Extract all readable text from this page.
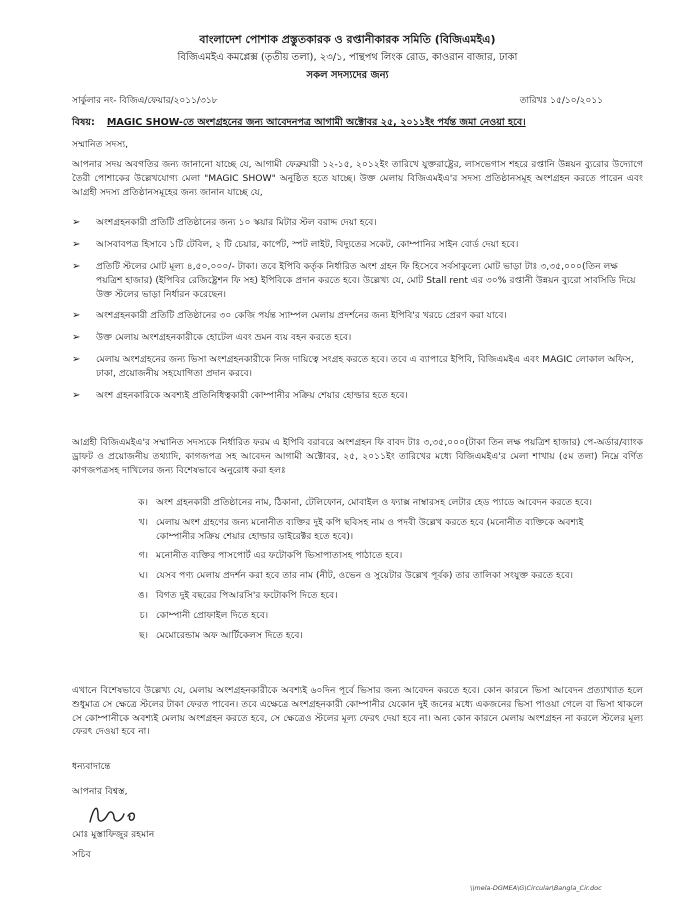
বাংলাদেশ পোশাক প্রস্তুতকারক ও রপ্তানীকারক সমিতি (বিজিএমইএ)
বিজিএমইএ কমপ্লেক্স (তৃতীয় তলা), ২৩/১, পান্থপথ লিংক রোড, কাওরান বাজার, ঢাকা
সকল সদস্যদের জন্য
সার্কুলার নং- বিজিএ/ফেয়ার/২০১১/৩১৮	তারিখঃ ১৫/১০/২০১১
বিষয়: MAGIC SHOW-তে অংশগ্রহনের জন্য আবেদনপত্র আগামী অক্টোবর ২৫, ২০১১ইং পর্যন্ত জমা নেওয়া হবে।
সম্মানিত সদস্য,
আপনার সদয় অবগতির জন্য জানানো যাচ্ছে যে, আগামী ফেব্রুয়ারী ১২-১৫, ২০১২ইং তারিখে যুক্তরাষ্ট্রের, লাসভেগাস শহরে রপ্তানি উন্নয়ন ব্যুরোর উদ্যোগে তৈরী পোশাকের উল্লেখযোগ্য মেলা "MAGIC SHOW" অনুষ্ঠিত হতে যাচ্ছে। উক্ত মেলায় বিজিএমইএ'র সদস্য প্রতিষ্ঠানসমূহ অংশগ্রহন করতে পারেন এবং আগ্রহী সদস্য প্রতিষ্ঠানসমূহের জন্য জানান যাচ্ছে যে,
➢	অংশগ্রহনকারী প্রতিটি প্রতিষ্ঠানের জন্য ১০ স্কয়ার মিটার স্টল বরাদ্দ দেয়া হবে।
➢	আসবাবপত্র হিসাবে ১টি টেবিল, ২ টি চেয়ার, কার্পেট, স্পট লাইট, বিদ্যুতের সকেট, কোম্পানির সাইন বোর্ড দেয়া হবে।
➢	প্রতিটি স্টলের মোট মূল্য ৪,৫০,০০০/- টাকা। তবে ইপিবি কর্তৃক নির্ধারিত অংশ গ্রহন ফি হিসেবে সর্বসাকুল্যে মোট ভাড়া টাঃ ৩,৩৫,০০০(তিন লক্ষ পয়ত্রিশ হাজার) (ইপিবির রেজিষ্ট্রেশন ফি সহ) ইপিবিকে প্রদান করতে হবে। উল্লেখ্য যে, মোট Stall rent এর ৩০% রপ্তানী উন্নয়ন ব্যুরো সাবসিডি দিয়ে উক্ত স্টলের ভাড়া নির্ধারন করেছেন।
➢	অংশগ্রহনকারী প্রতিটি প্রতিষ্ঠানের ৩০ কেজি পর্যন্ত স্যাম্পল মেলায় প্রদর্শনের জন্য ইপিবি'র খরচে প্রেরণ করা যাবে।
➢	উক্ত মেলায় অংশগ্রহনকারীকে হোটেল এবং ভ্রমন ব্যয় বহন করতে হবে।
➢	মেলায় অংশগ্রহনের জন্য ভিসা অংশগ্রহনকারীকে নিজ দায়িত্বে সংগ্রহ করতে হবে। তবে এ ব্যাপারে ইপিবি, বিজিএমইএ এবং MAGIC লোকাল অফিস, ঢাকা, প্রয়োজনীয় সহযোগিতা প্রদান করবে।
➢	অংশ গ্রহনকারিকে অবশ্যই প্রতিনিধিত্বকারী কোম্পানীর সক্রিয় শেয়ার হোল্ডার হতে হবে।
আগ্রহী বিজিএমইএ'র সম্মানিত সদস্যকে নির্ধারিত ফরম এ ইপিবি বরাবরে অংশগ্রহন ফি বাবদ টাঃ ৩,৩৫,০০০(টাকা তিন লক্ষ পয়ত্রিশ হাজার) পে-অর্ডার/ব্যাংক ড্রাফট ও প্রয়োজনীয় তথ্যাদি, কাগজপত্র সহ আবেদন আগামী অক্টোবর, ২৫, ২০১১ইং তারিখের মধ্যে বিজিএমইএ'র মেলা শাখায় (৫ম তলা) নিম্নে বর্ণিত কাগজপত্রসহ দাখিলের জন্য বিশেষভাবে অনুরোধ করা হলঃ
ক। অংশ গ্রহনকারী প্রতিষ্ঠানের নাম, ঠিকানা, টেলিফোন, মোবাইল ও ফ্যাক্স নাম্বারসহ লেটার হেড প্যাডে আবেদন করতে হবে।
খ। মেলায় অংশ গ্রহণের জন্য মনোনীত ব্যক্তির দুই কপি ছবিসহ নাম ও পদবী উল্লেখ করতে হবে (মনোনীত ব্যক্তিকে অবশ্যই কোম্পানীর সক্রিয় শেয়ার হোল্ডার ডাইরেক্টর হতে হবে)।
গ। মনোনীত ব্যক্তির পাসপোর্ট এর ফটোকপি ভিসাপাতাসহ পাঠাতে হবে।
ঘ। যেসব পণ্য মেলায় প্রদর্শন করা হবে তার নাম (নীট, ওভেন ও সুয়েটার উল্লেখ পূর্বক) তার তালিকা সংযুক্ত করতে হবে।
ঙ। বিগত দুই বছরের পিআরসি'র ফটোকপি দিতে হবে।
চ। কোম্পানী প্রোফাইল দিতে হবে।
ছ। মেমোরেন্ডাম অফ আর্টিকেলস দিতে হবে।
এখানে বিশেষভাবে উল্লেখ্য যে, মেলায় অংশগ্রহনকারীকে অবশ্যই ৬০দিন পূর্বে ভিসার জন্য আবেদন করতে হবে। কোন কারনে ভিসা আবেদন প্রত্যাখ্যাত হলে শুধুমাত্র সে ক্ষেত্রে স্টলের টাকা ফেরত পাবেন। তবে এক্ষেত্রে অংশগ্রহনকারী কোম্পানীর যেকোন দুই জনের মধ্যে একজনের ভিসা পাওয়া গেলে বা ভিসা থাকলে সে কোম্পানীকে অবশ্যই মেলায় অংশগ্রহন করতে হবে, সে ক্ষেত্রেও স্টলের মূল্য ফেরৎ দেয়া হবে না। অন্য কোন কারনে মেলায় অংশগ্রহন না করলে স্টলের মূল্য ফেরৎ দেওয়া হবে না।
ধন্যবাদান্তে
আপনার বিশ্বস্ত,
মোঃ মুস্তাফিজুর রহমান
সচিব
\\mela-DGMEA\G\Circular\Bangla_Cir.doc
